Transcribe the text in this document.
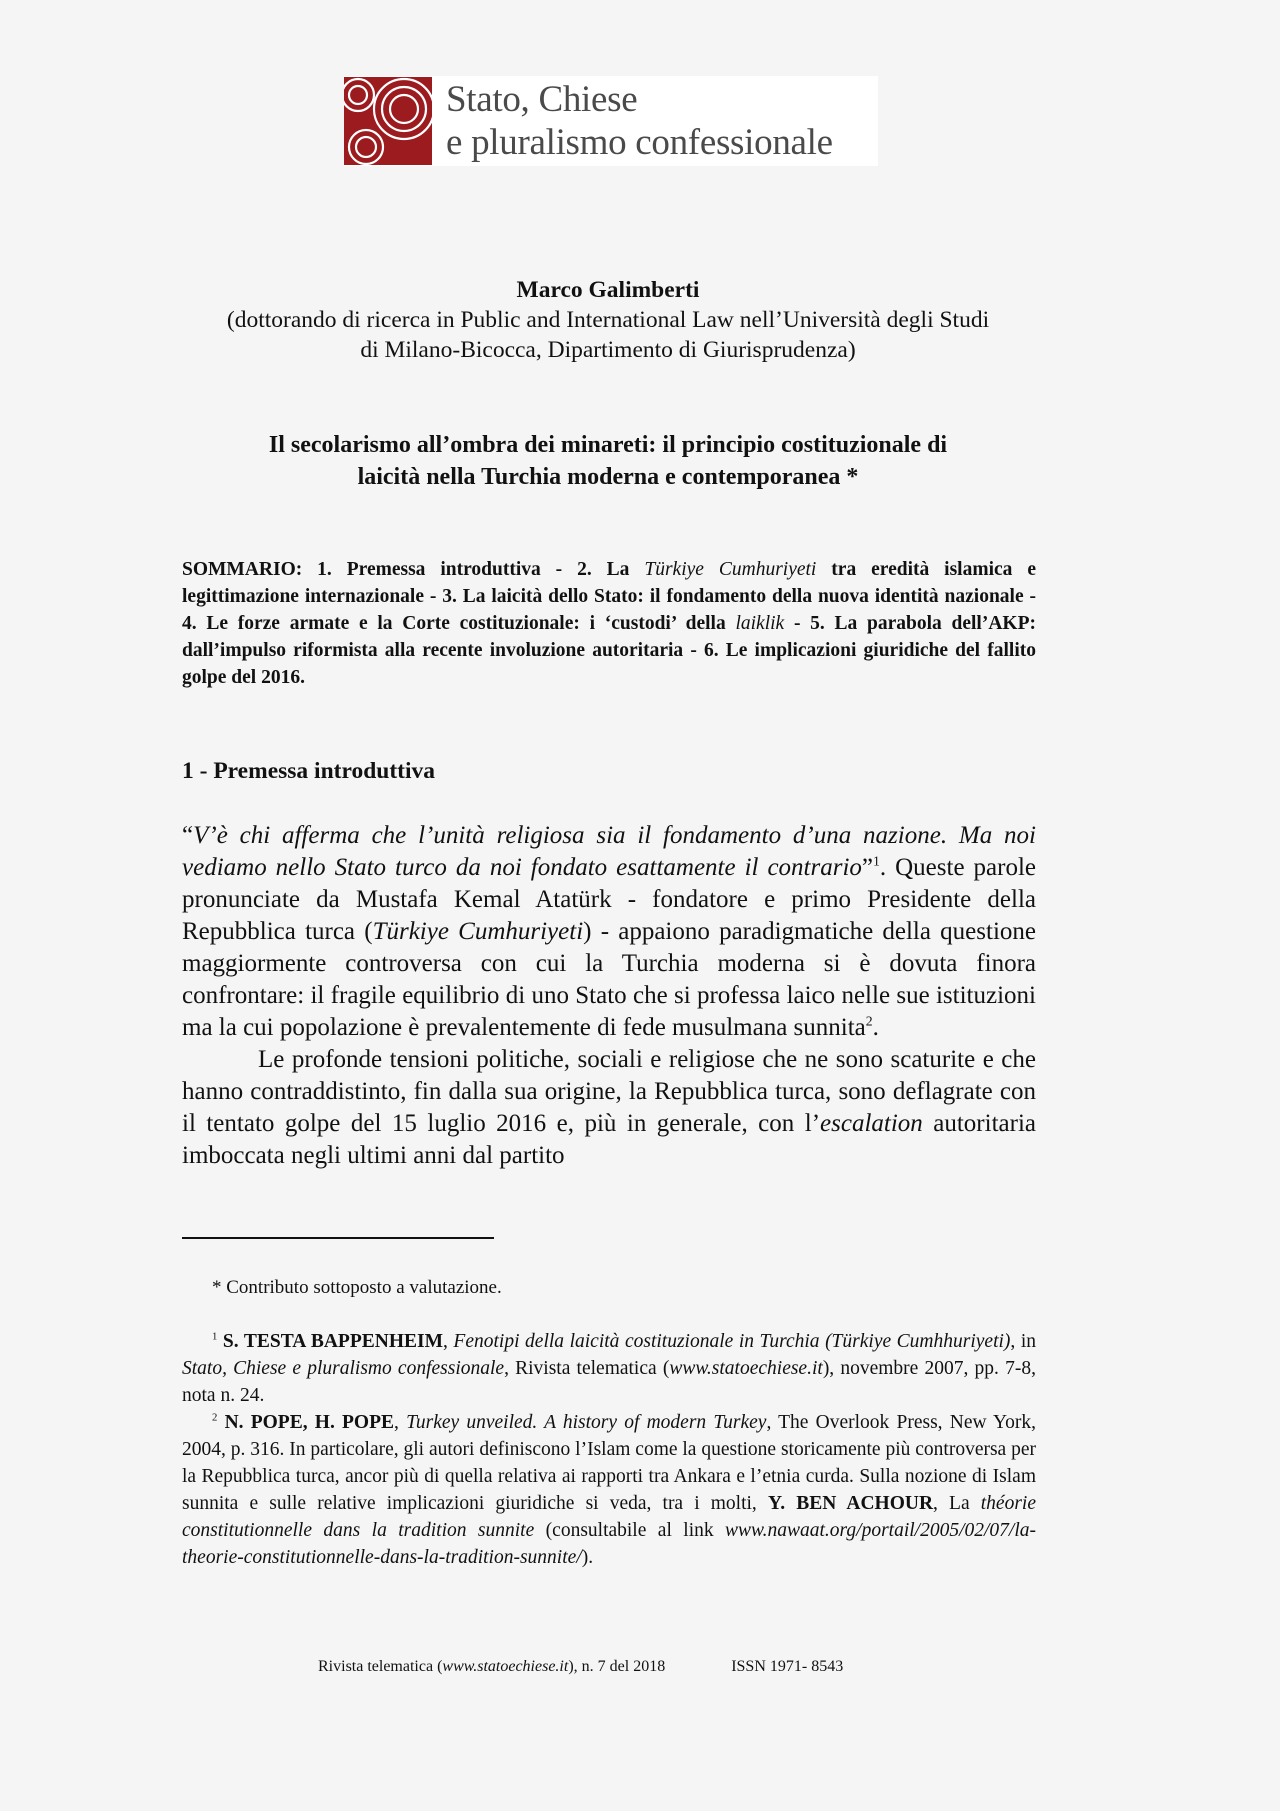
Stato, Chiese
e pluralismo confessionale
Marco Galimberti
(dottorando di ricerca in Public and International Law nell’Università degli Studi
di Milano-Bicocca, Dipartimento di Giurisprudenza)
Il secolarismo all’ombra dei minareti: il principio costituzionale di
laicità nella Turchia moderna e contemporanea *
SOMMARIO: 1. Premessa introduttiva - 2. La Türkiye Cumhuriyeti tra eredità islamica e legittimazione internazionale - 3. La laicità dello Stato: il fondamento della nuova identità nazionale - 4. Le forze armate e la Corte costituzionale: i ‘custodi’ della laiklik - 5. La parabola dell’AKP: dall’impulso riformista alla recente involuzione autoritaria - 6. Le implicazioni giuridiche del fallito golpe del 2016.
1 - Premessa introduttiva

“V’è chi afferma che l’unità religiosa sia il fondamento d’una nazione. Ma noi vediamo nello Stato turco da noi fondato esattamente il contrario”$^1$. Queste parole pronunciate da Mustafa Kemal Atatürk - fondatore e primo Presidente della Repubblica turca (Türkiye Cumhuriyeti) - appaiono paradigmatiche della questione maggiormente controversa con cui la Turchia moderna si è dovuta finora confrontare: il fragile equilibrio di uno Stato che si professa laico nelle sue istituzioni ma la cui popolazione è prevalentemente di fede musulmana sunnita$^2$.

Le profonde tensioni politiche, sociali e religiose che ne sono scaturite e che hanno contraddistinto, fin dalla sua origine, la Repubblica turca, sono deflagrate con il tentato golpe del 15 luglio 2016 e, più in generale, con l’escalation autoritaria imboccata negli ultimi anni dal partito

* Contributo sottoposto a valutazione.

$^1$ S. TESTA BAPPENHEIM, Fenotipi della laicità costituzionale in Turchia (Türkiye Cumhhuriyeti), in Stato, Chiese e pluralismo confessionale, Rivista telematica (www.statoechiese.it), novembre 2007, pp. 7-8, nota n. 24.

$^2$ N. POPE, H. POPE, Turkey unveiled. A history of modern Turkey, The Overlook Press, New York, 2004, p. 316. In particolare, gli autori definiscono l’Islam come la questione storicamente più controversa per la Repubblica turca, ancor più di quella relativa ai rapporti tra Ankara e l’etnia curda. Sulla nozione di Islam sunnita e sulle relative implicazioni giuridiche si veda, tra i molti, Y. BEN ACHOUR, La théorie constitutionnelle dans la tradition sunnite (consultabile al link www.nawaat.org/portail/2005/02/07/la-theorie-constitutionnelle-dans-la-tradition-sunnite/).

Rivista telematica (www.statoechiese.it), n. 7 del 2018	ISSN 1971- 8543
